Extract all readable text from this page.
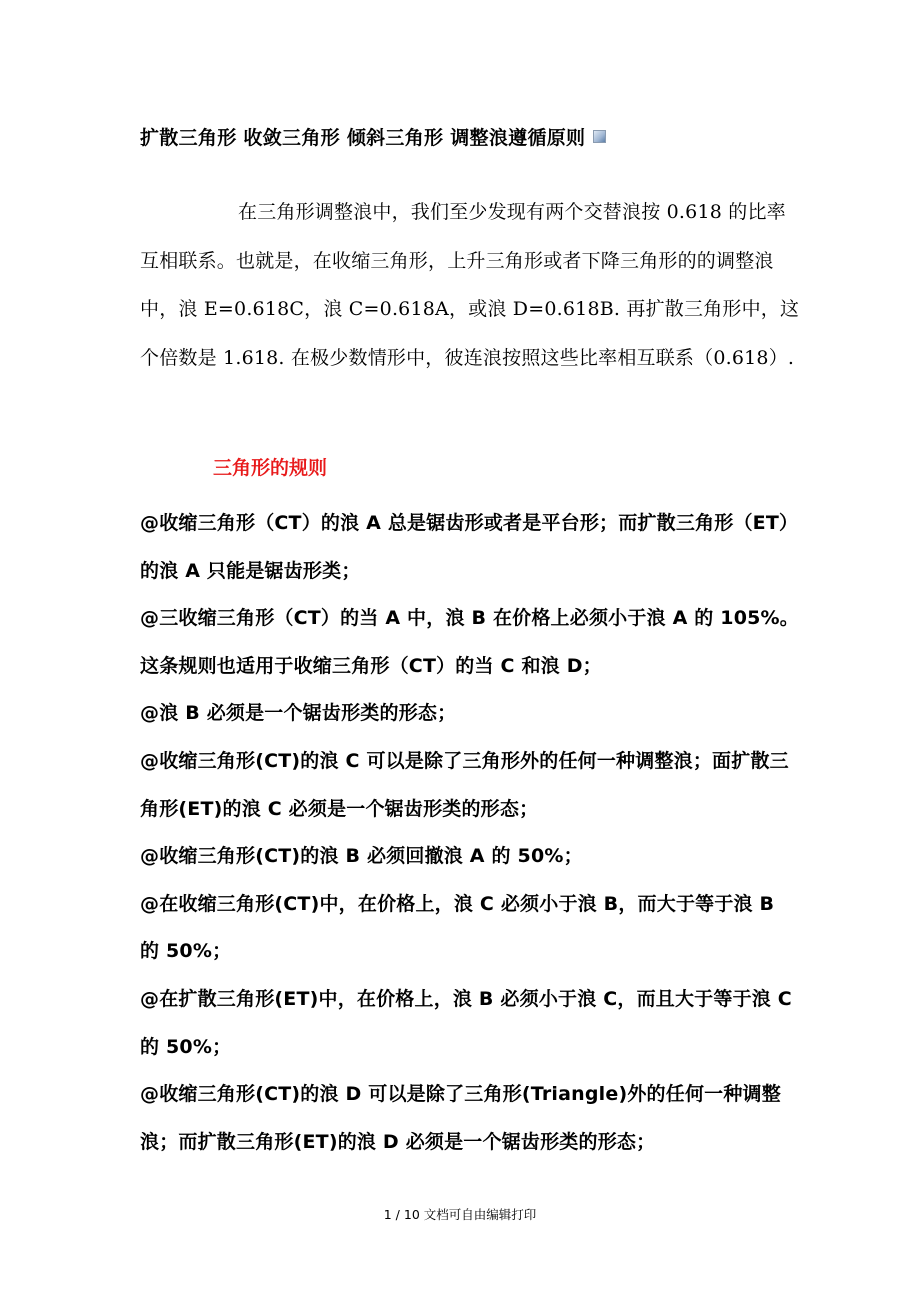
扩散三角形 收敛三角形 倾斜三角形 调整浪遵循原则
在三角形调整浪中，我们至少发现有两个交替浪按 0.618 的比率互相联系。也就是，在收缩三角形，上升三角形或者下降三角形的的调整浪中，浪 E=0.618C，浪 C=0.618A，或浪 D=0.618B. 再扩散三角形中，这个倍数是 1.618. 在极少数情形中，彼连浪按照这些比率相互联系（0.618）.
三角形的规则
@收缩三角形（CT）的浪 A 总是锯齿形或者是平台形；而扩散三角形（ET）的浪 A 只能是锯齿形类；
@三收缩三角形（CT）的当 A 中，浪 B 在价格上必须小于浪 A 的 105%。这条规则也适用于收缩三角形（CT）的当 C 和浪 D；
@浪 B 必须是一个锯齿形类的形态；
@收缩三角形(CT)的浪 C 可以是除了三角形外的任何一种调整浪；面扩散三角形(ET)的浪 C 必须是一个锯齿形类的形态；
@收缩三角形(CT)的浪 B 必须回撤浪 A 的 50%；
@在收缩三角形(CT)中，在价格上，浪 C 必须小于浪 B，而大于等于浪 B 的 50%；
@在扩散三角形(ET)中，在价格上，浪 B 必须小于浪 C，而且大于等于浪 C 的 50%；
@收缩三角形(CT)的浪 D 可以是除了三角形(Triangle)外的任何一种调整浪；而扩散三角形(ET)的浪 D 必须是一个锯齿形类的形态；
1 / 10 文档可自由编辑打印
